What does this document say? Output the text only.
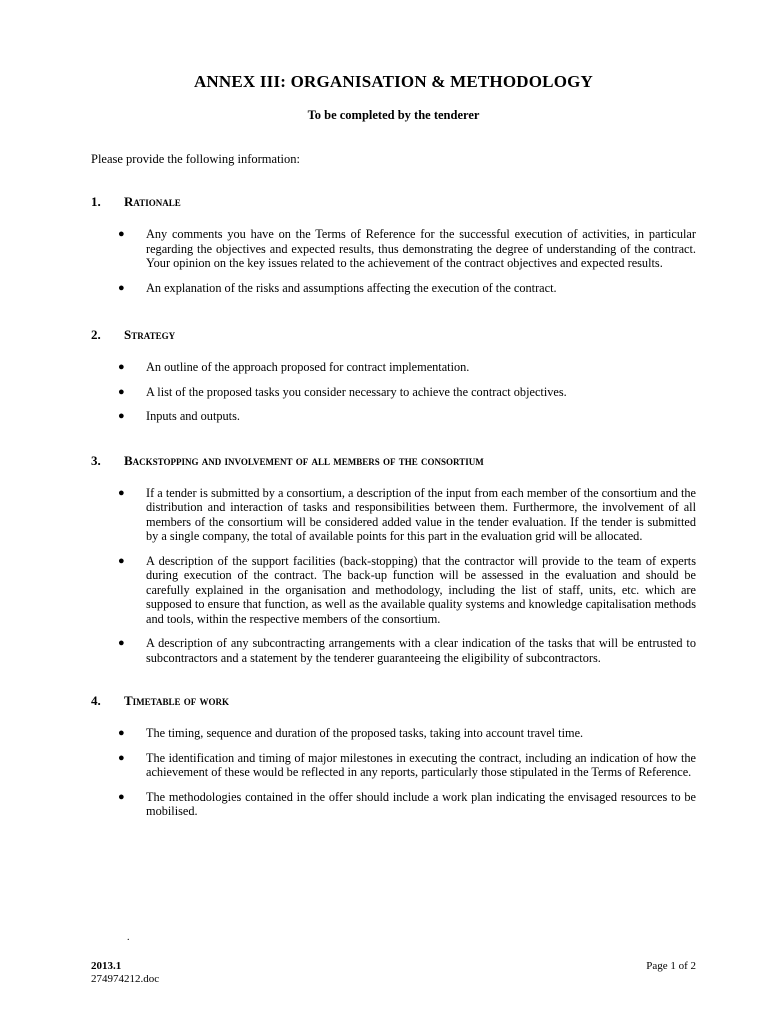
ANNEX III: ORGANISATION & METHODOLOGY
To be completed by the tenderer
Please provide the following information:
1.	Rationale
● Any comments you have on the Terms of Reference for the successful execution of activities, in particular regarding the objectives and expected results, thus demonstrating the degree of understanding of the contract. Your opinion on the key issues related to the achievement of the contract objectives and expected results.
● An explanation of the risks and assumptions affecting the execution of the contract.
2.	Strategy
● An outline of the approach proposed for contract implementation.
● A list of the proposed tasks you consider necessary to achieve the contract objectives.
● Inputs and outputs.
3.	Backstopping and involvement of all members of the consortium
● If a tender is submitted by a consortium, a description of the input from each member of the consortium and the distribution and interaction of tasks and responsibilities between them. Furthermore, the involvement of all members of the consortium will be considered added value in the tender evaluation. If the tender is submitted by a single company, the total of available points for this part in the evaluation grid will be allocated.
● A description of the support facilities (back-stopping) that the contractor will provide to the team of experts during execution of the contract. The back-up function will be assessed in the evaluation and should be carefully explained in the organisation and methodology, including the list of staff, units, etc. which are supposed to ensure that function, as well as the available quality systems and knowledge capitalisation methods and tools, within the respective members of the consortium.
● A description of any subcontracting arrangements with a clear indication of the tasks that will be entrusted to subcontractors and a statement by the tenderer guaranteeing the eligibility of subcontractors.
4.	Timetable of work
● The timing, sequence and duration of the proposed tasks, taking into account travel time.
● The identification and timing of major milestones in executing the contract, including an indication of how the achievement of these would be reflected in any reports, particularly those stipulated in the Terms of Reference.
● The methodologies contained in the offer should include a work plan indicating the envisaged resources to be mobilised.
.
2013.1	Page 1 of 2
274974212.doc
